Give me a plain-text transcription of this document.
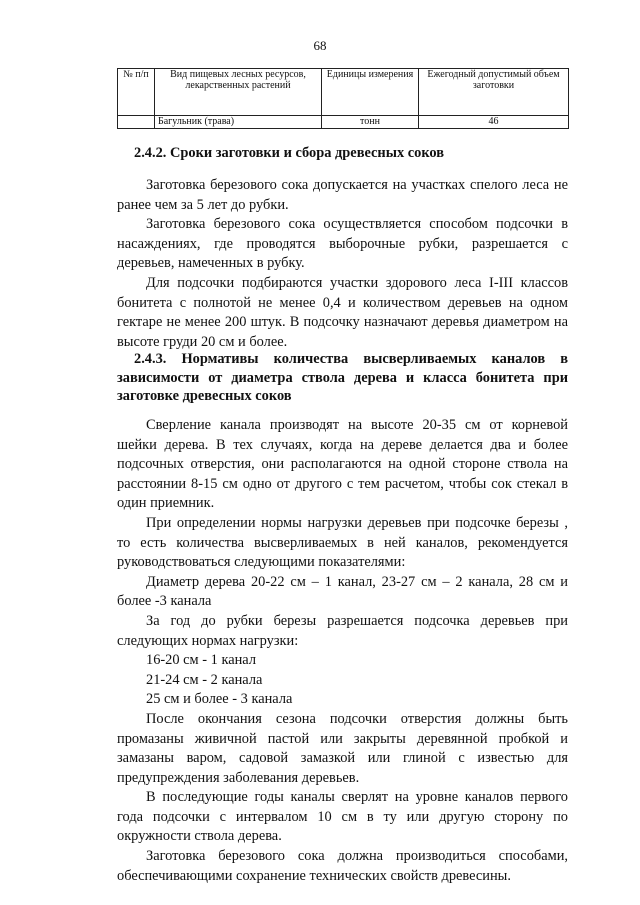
68
№ п/п	Вид пищевых лесных ресурсов, лекарственных растений	Единицы измерения	Ежегодный допустимый объем заготовки
	Багульник (трава)	тонн	46
2.4.2. Сроки заготовки и сбора древесных соков

Заготовка березового сока допускается на участках спелого леса не ранее чем за 5 лет до рубки.

Заготовка березового сока осуществляется способом подсочки в насаждениях, где проводятся выборочные рубки, разрешается с деревьев, намеченных в рубку.

Для подсочки подбираются участки здорового леса I-III классов бонитета с полнотой не менее 0,4 и количеством деревьев на одном гектаре не менее 200 штук. В подсочку назначают деревья диаметром на высоте груди 20 см и более.

2.4.3. Нормативы количества высверливаемых каналов в зависимости от диаметра ствола дерева и класса бонитета при заготовке древесных соков

Сверление канала производят на высоте 20-35 см от корневой шейки дерева. В тех случаях, когда на дереве делается два и более подсочных отверстия, они располагаются на одной стороне ствола на расстоянии 8-15 см одно от другого с тем расчетом, чтобы сок стекал в один приемник.

При определении нормы нагрузки деревьев при подсочке березы , то есть количества высверливаемых в ней каналов, рекомендуется руководствоваться следующими показателями:

Диаметр дерева 20-22 см – 1 канал, 23-27 см – 2 канала, 28 см и более -3 канала

За год до рубки березы разрешается подсочка деревьев при следующих нормах нагрузки:

16-20 см - 1 канал

21-24 см - 2 канала

25 см и более - 3 канала

После окончания сезона подсочки отверстия должны быть промазаны живичной пастой или закрыты деревянной пробкой и замазаны варом, садовой замазкой или глиной с известью для предупреждения заболевания деревьев.

В последующие годы каналы сверлят на уровне каналов первого года подсочки с интервалом 10 см в ту или другую сторону по окружности ствола дерева.

Заготовка березового сока должна производиться способами, обеспечивающими сохранение технических свойств древесины.
